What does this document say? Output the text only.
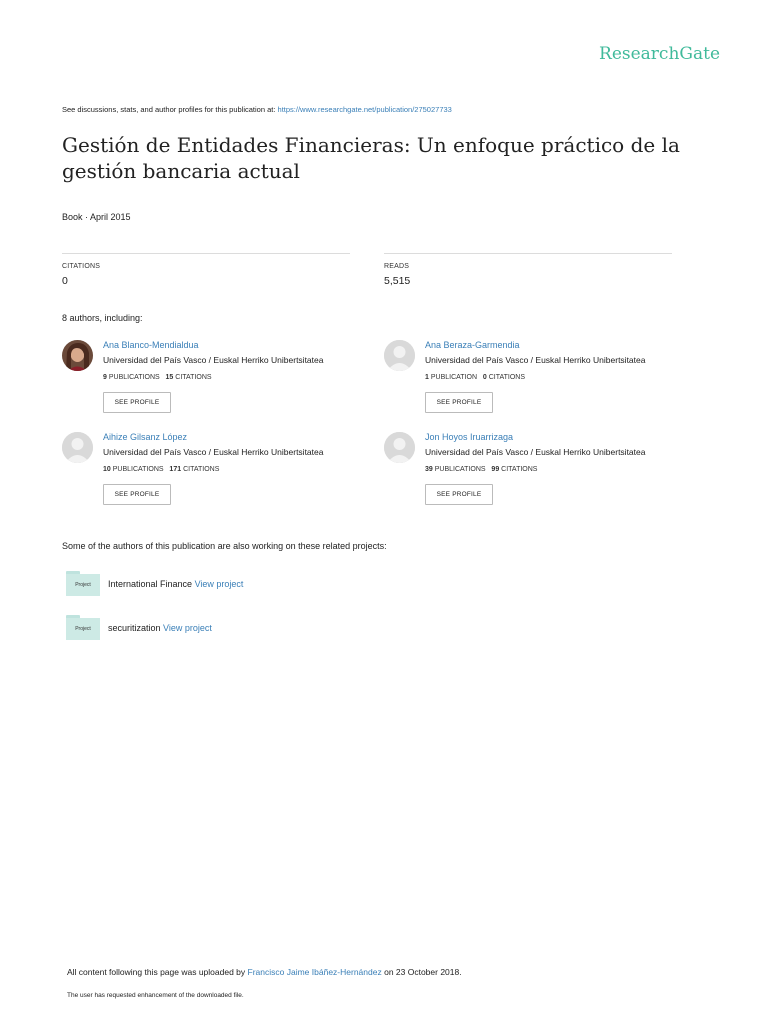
ResearchGate
See discussions, stats, and author profiles for this publication at: https://www.researchgate.net/publication/275027733
Gestión de Entidades Financieras: Un enfoque práctico de la gestión bancaria actual
Book · April 2015
CITATIONS
0
READS
5,515
8 authors, including:
Ana Blanco-Mendialdua
Universidad del País Vasco / Euskal Herriko Unibertsitatea
9 PUBLICATIONS 15 CITATIONS
SEE PROFILE
Ana Beraza-Garmendia
Universidad del País Vasco / Euskal Herriko Unibertsitatea
1 PUBLICATION 0 CITATIONS
SEE PROFILE
Aihize Gilsanz López
Universidad del País Vasco / Euskal Herriko Unibertsitatea
10 PUBLICATIONS 171 CITATIONS
SEE PROFILE
Jon Hoyos Iruarrizaga
Universidad del País Vasco / Euskal Herriko Unibertsitatea
39 PUBLICATIONS 99 CITATIONS
SEE PROFILE
Some of the authors of this publication are also working on these related projects:
Project	International Finance View project
Project	securitization View project
All content following this page was uploaded by Francisco Jaime Ibáñez-Hernández on 23 October 2018.
The user has requested enhancement of the downloaded file.
